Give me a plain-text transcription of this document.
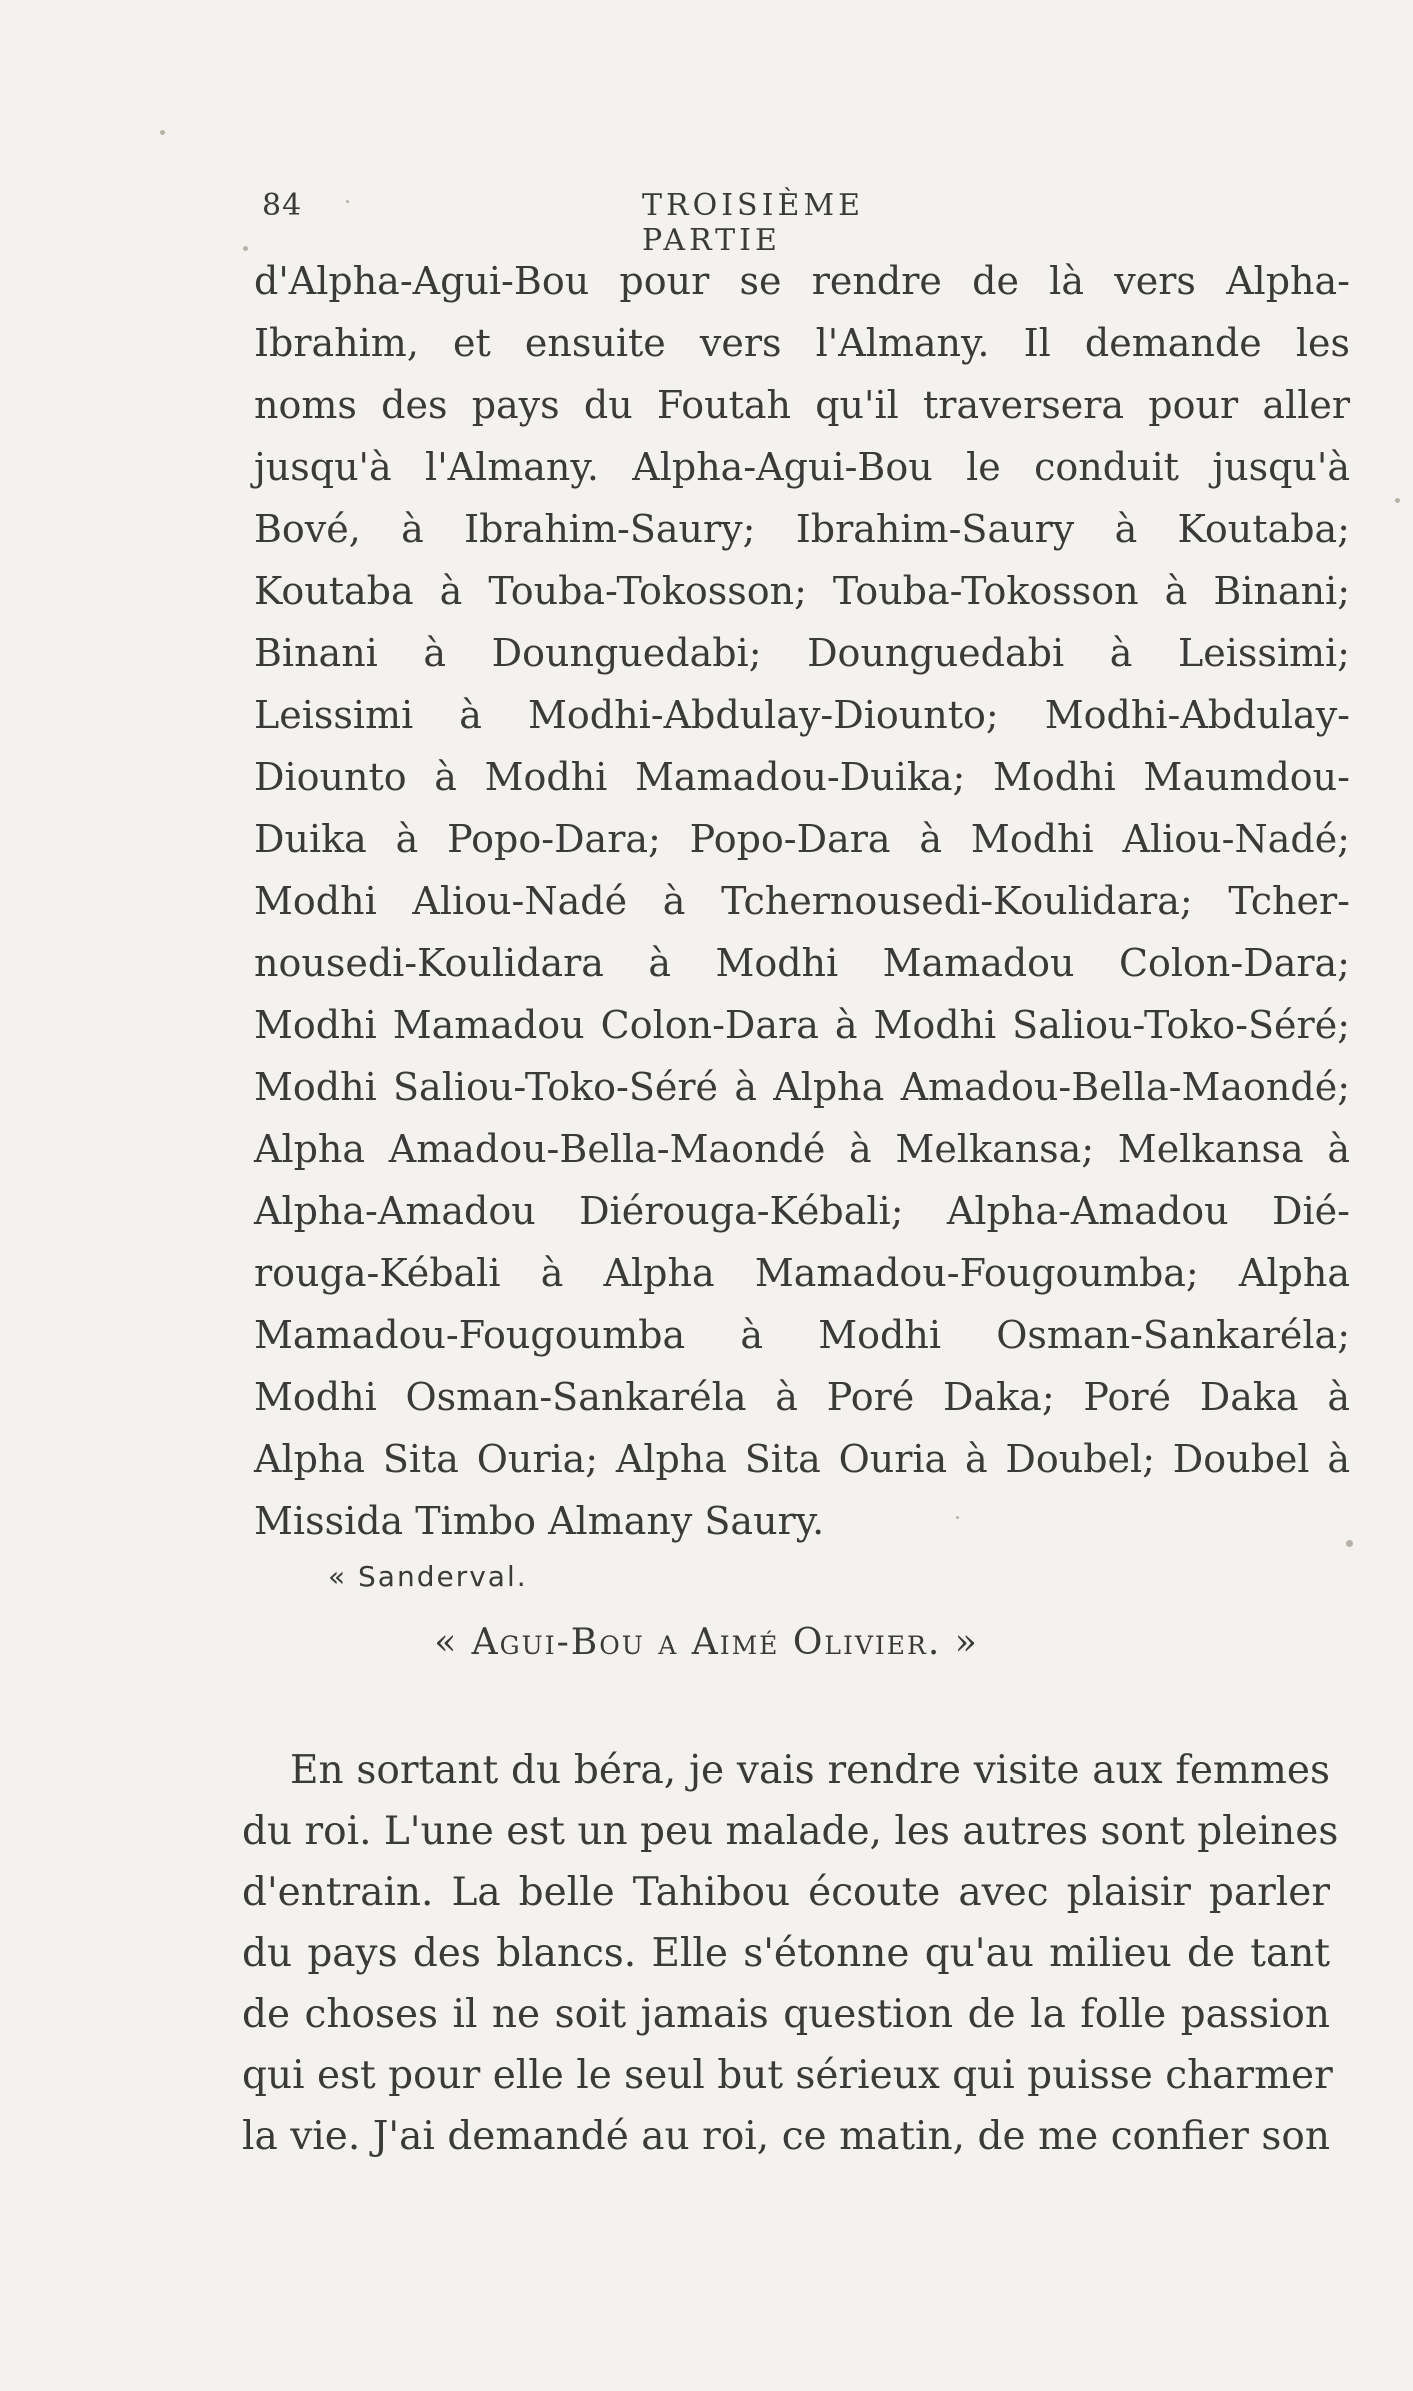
84	TROISIÈME PARTIE
d'Alpha-Agui-Bou pour se rendre de là vers Alpha-
Ibrahim, et ensuite vers l'Almany. Il demande les
noms des pays du Foutah qu'il traversera pour aller
jusqu'à l'Almany. Alpha-Agui-Bou le conduit jusqu'à
Bové, à Ibrahim-Saury; Ibrahim-Saury à Koutaba;
Koutaba à Touba-Tokosson; Touba-Tokosson à Binani;
Binani à Dounguedabi; Dounguedabi à Leissimi;
Leissimi à Modhi-Abdulay-Diounto; Modhi-Abdulay-
Diounto à Modhi Mamadou-Duika; Modhi Maumdou-
Duika à Popo-Dara; Popo-Dara à Modhi Aliou-Nadé;
Modhi Aliou-Nadé à Tchernousedi-Koulidara; Tcher-
nousedi-Koulidara à Modhi Mamadou Colon-Dara;
Modhi Mamadou Colon-Dara à Modhi Saliou-Toko-Séré;
Modhi Saliou-Toko-Séré à Alpha Amadou-Bella-Maondé;
Alpha Amadou-Bella-Maondé à Melkansa; Melkansa à
Alpha-Amadou Diérouga-Kébali; Alpha-Amadou Dié-
rouga-Kébali à Alpha Mamadou-Fougoumba; Alpha
Mamadou-Fougoumba à Modhi Osman-Sankaréla;
Modhi Osman-Sankaréla à Poré Daka; Poré Daka à
Alpha Sita Ouria; Alpha Sita Ouria à Doubel; Doubel à
Missida Timbo Almany Saury.
« Sanderval.
« Agui-Bou a Aimé Olivier. »
En sortant du béra, je vais rendre visite aux femmes
du roi. L'une est un peu malade, les autres sont pleines
d'entrain. La belle Tahibou écoute avec plaisir parler
du pays des blancs. Elle s'étonne qu'au milieu de tant
de choses il ne soit jamais question de la folle passion
qui est pour elle le seul but sérieux qui puisse charmer
la vie. J'ai demandé au roi, ce matin, de me confier son
